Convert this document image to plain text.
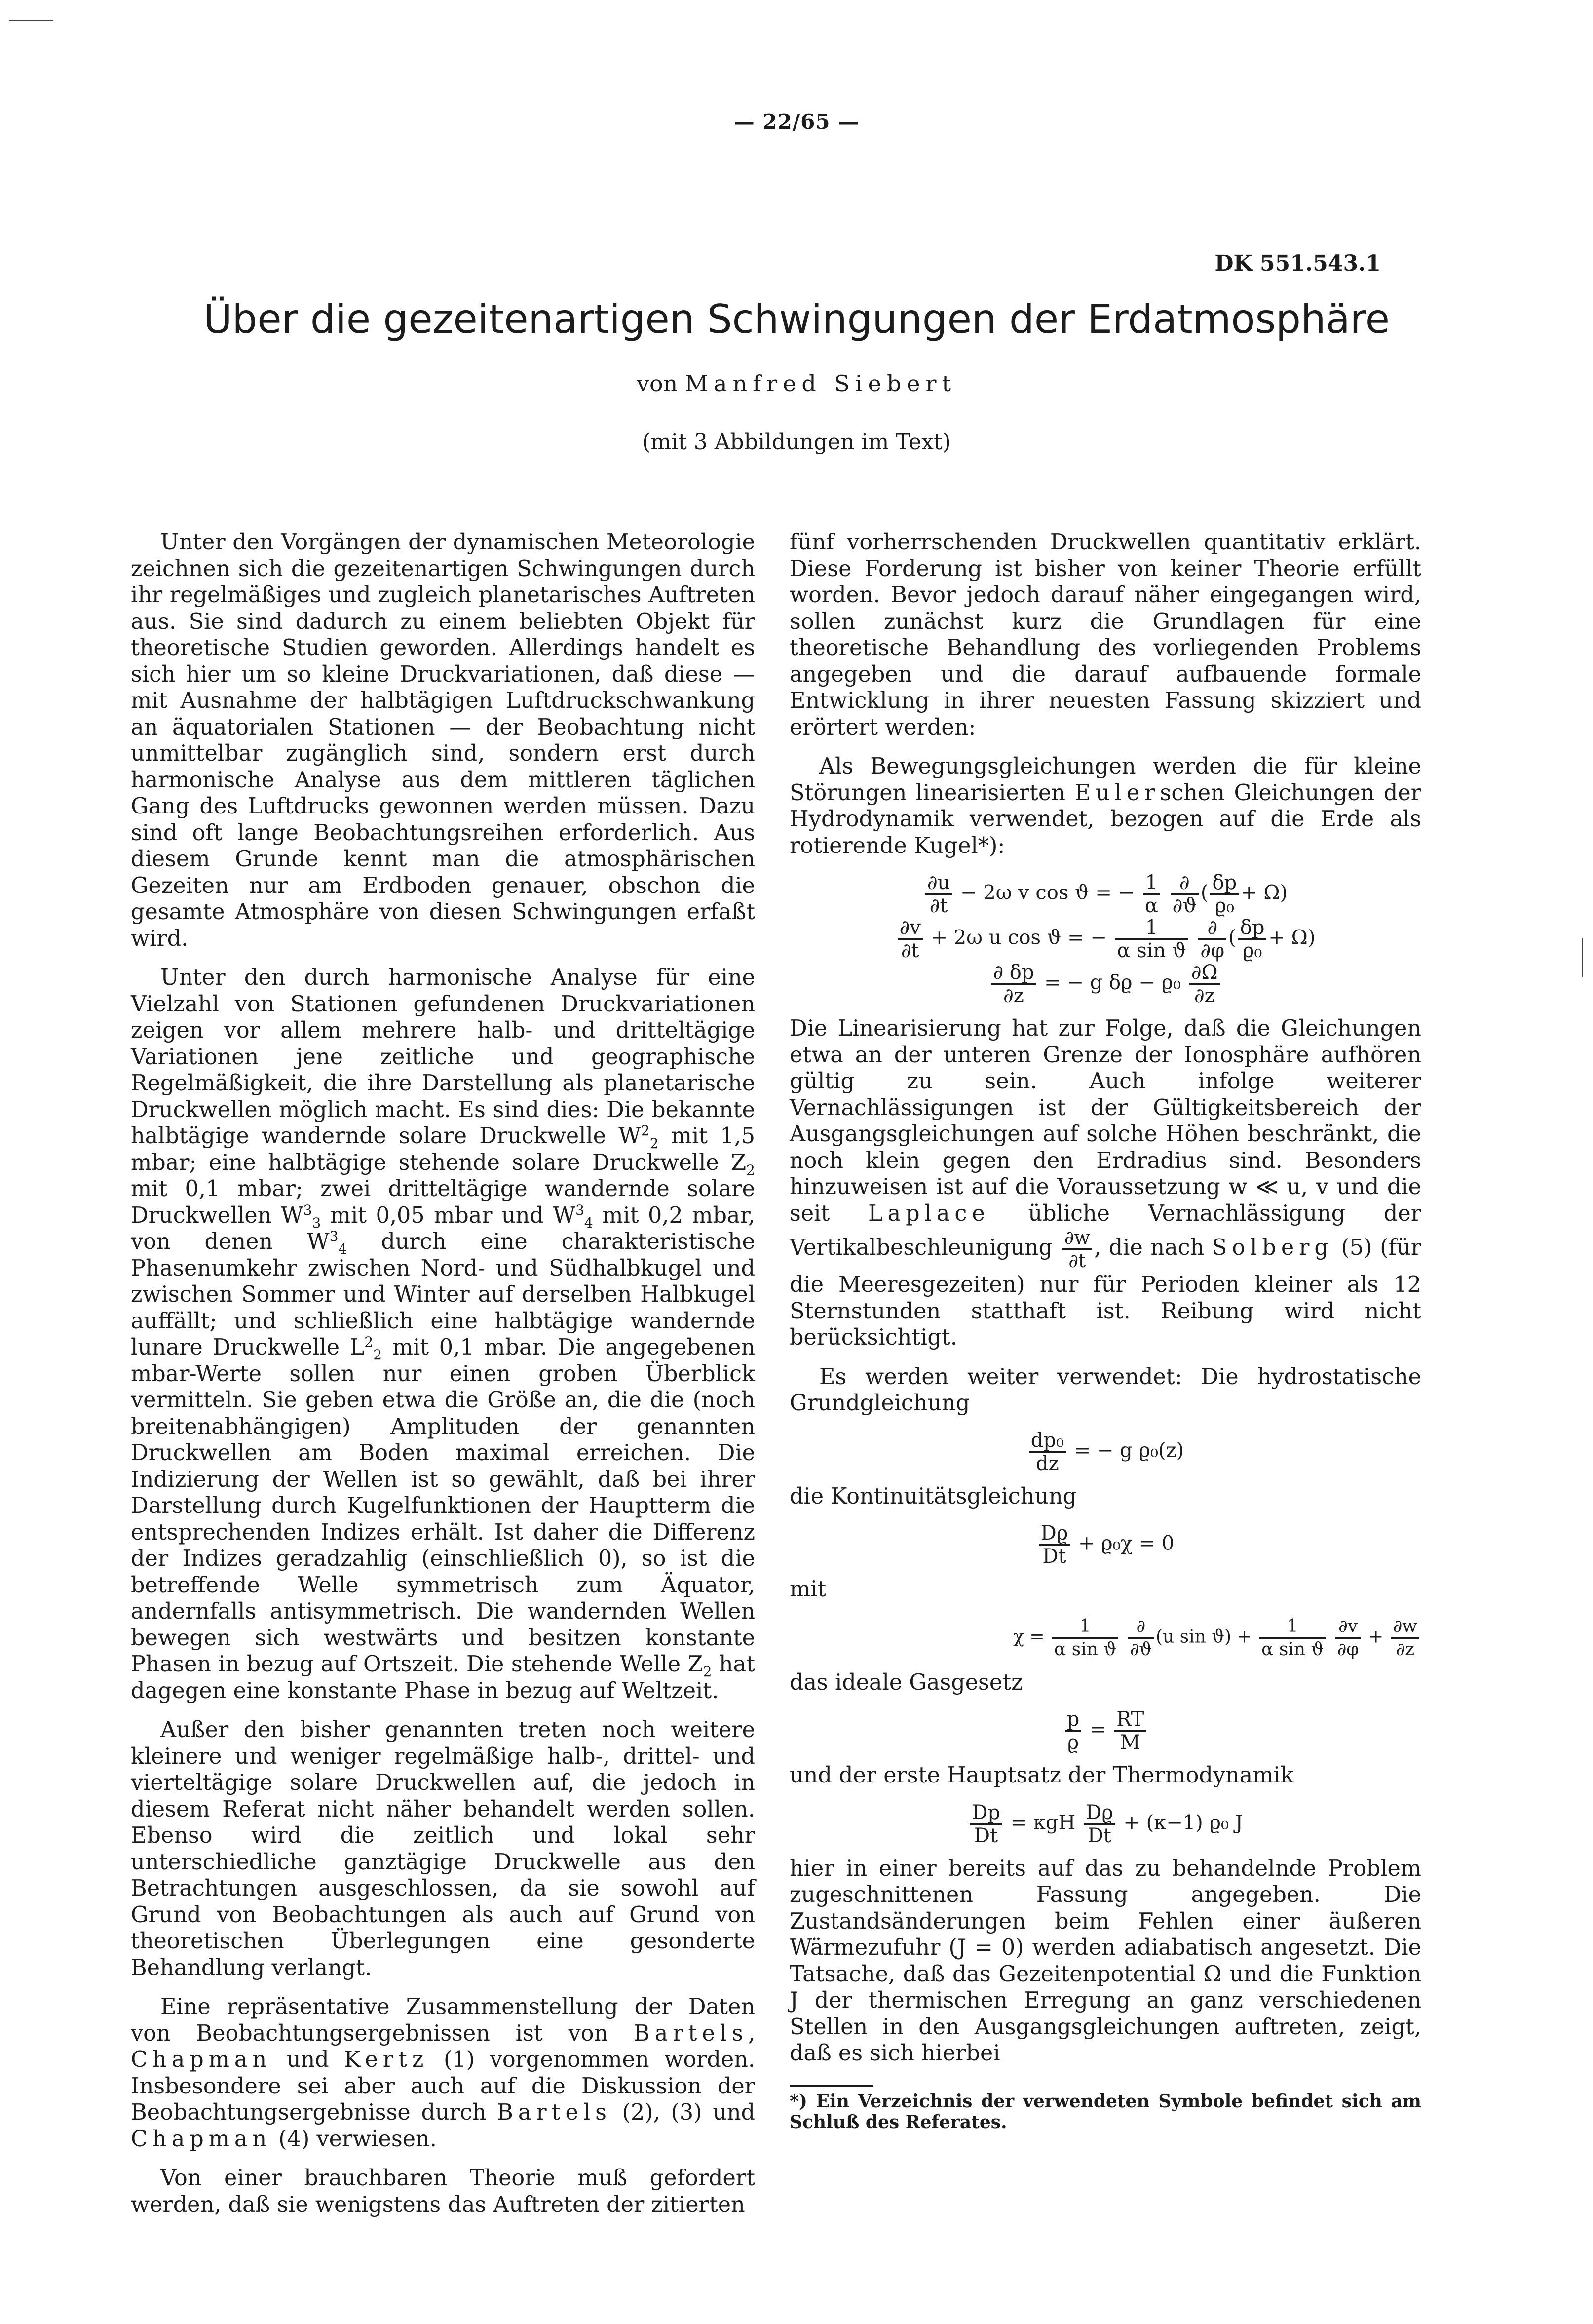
— 22/65 —
DK 551.543.1
Über die gezeitenartigen Schwingungen der Erdatmosphäre
von Manfred Siebert
(mit 3 Abbildungen im Text)

Unter den Vorgängen der dynamischen Meteorologie zeichnen sich die gezeitenartigen Schwingungen durch ihr regelmäßiges und zugleich planetarisches Auftreten aus. Sie sind dadurch zu einem beliebten Objekt für theoretische Studien geworden. Allerdings handelt es sich hier um so kleine Druckvariationen, daß diese — mit Ausnahme der halbtägigen Luftdruckschwankung an äquatorialen Stationen — der Beobachtung nicht unmittelbar zugänglich sind, sondern erst durch harmonische Analyse aus dem mittleren täglichen Gang des Luftdrucks gewonnen werden müssen. Dazu sind oft lange Beobachtungsreihen erforderlich. Aus diesem Grunde kennt man die atmosphärischen Gezeiten nur am Erdboden genauer, obschon die gesamte Atmosphäre von diesen Schwingungen erfaßt wird.

Unter den durch harmonische Analyse für eine Vielzahl von Stationen gefundenen Druckvariationen zeigen vor allem mehrere halb- und dritteltägige Variationen jene zeitliche und geographische Regelmäßigkeit, die ihre Darstellung als planetarische Druckwellen möglich macht. Es sind dies: Die bekannte halbtägige wandernde solare Druckwelle $W^2_2$ mit 1,5 mbar; eine halbtägige stehende solare Druckwelle $Z_2$ mit 0,1 mbar; zwei dritteltägige wandernde solare Druckwellen $W^3_3$ mit 0,05 mbar und $W^3_4$ mit 0,2 mbar, von denen $W^3_4$ durch eine charakteristische Phasenumkehr zwischen Nord- und Südhalbkugel und zwischen Sommer und Winter auf derselben Halbkugel auffällt; und schließlich eine halbtägige wandernde lunare Druckwelle $L^2_2$ mit 0,1 mbar. Die angegebenen mbar-Werte sollen nur einen groben Überblick vermitteln. Sie geben etwa die Größe an, die die (noch breitenabhängigen) Amplituden der genannten Druckwellen am Boden maximal erreichen. Die Indizierung der Wellen ist so gewählt, daß bei ihrer Darstellung durch Kugelfunktionen der Hauptterm die entsprechenden Indizes erhält. Ist daher die Differenz der Indizes geradzahlig (einschließlich 0), so ist die betreffende Welle symmetrisch zum Äquator, andernfalls antisymmetrisch. Die wandernden Wellen bewegen sich westwärts und besitzen konstante Phasen in bezug auf Ortszeit. Die stehende Welle $Z_2$ hat dagegen eine konstante Phase in bezug auf Weltzeit.

Außer den bisher genannten treten noch weitere kleinere und weniger regelmäßige halb-, drittel- und vierteltägige solare Druckwellen auf, die jedoch in diesem Referat nicht näher behandelt werden sollen. Ebenso wird die zeitlich und lokal sehr unterschiedliche ganztägige Druckwelle aus den Betrachtungen ausgeschlossen, da sie sowohl auf Grund von Beobachtungen als auch auf Grund von theoretischen Überlegungen eine gesonderte Behandlung verlangt.

Eine repräsentative Zusammenstellung der Daten von Beobachtungsergebnissen ist von Bartels, Chapman und Kertz (1) vorgenommen worden. Insbesondere sei aber auch auf die Diskussion der Beobachtungsergebnisse durch Bartels (2), (3) und Chapman (4) verwiesen.

Von einer brauchbaren Theorie muß gefordert werden, daß sie wenigstens das Auftreten der zitierten

fünf vorherrschenden Druckwellen quantitativ erklärt. Diese Forderung ist bisher von keiner Theorie erfüllt worden. Bevor jedoch darauf näher eingegangen wird, sollen zunächst kurz die Grundlagen für eine theoretische Behandlung des vorliegenden Problems angegeben und die darauf aufbauende formale Entwicklung in ihrer neuesten Fassung skizziert und erörtert werden:

Als Bewegungsgleichungen werden die für kleine Störungen linearisierten Eulerschen Gleichungen der Hydrodynamik verwendet, bezogen auf die Erde als rotierende Kugel*):

$\frac{\partial u}{\partial t} - 2\omega$ v cos ϑ = − $\frac{1}{\alpha}$
$\frac{\partial}{\partial ϑ}$ ( $\frac{\delta p}{\text{ϱ₀}} + \Omega$)
$\frac{\partial v}{\partial t} + 2\omega$ u cos ϑ = − $\frac{1}{\text{α sin ϑ}}$
$\frac{\partial}{\partial\varphi}$ ( $\frac{\delta p}{\text{ϱ₀}} + \Omega$)
$\frac{\partial \delta p}{\partial z}$ = − g $\delta ϱ - ϱ_0 \frac{\partial\Omega}{\partial z}$

Die Linearisierung hat zur Folge, daß die Gleichungen etwa an der unteren Grenze der Ionosphäre aufhören gültig zu sein. Auch infolge weiterer Vernachlässigungen ist der Gültigkeitsbereich der Ausgangsgleichungen auf solche Höhen beschränkt, die noch klein gegen den Erdradius sind. Besonders hinzuweisen ist auf die Voraussetzung w ≪ u, v und die seit Laplace übliche Vernachlässigung der Vertikalbeschleunigung $\frac{\partial w}{\partial t}$ , die nach Solberg (5) (für die Meeresgezeiten) nur für Perioden kleiner als 12 Sternstunden statthaft ist. Reibung wird nicht berücksichtigt.

Es werden weiter verwendet: Die hydrostatische Grundgleichung

$\frac{\text{dp₀}}{dz}$ = − g ϱ₀(z)

die Kontinuitätsgleichung

$\frac{Dϱ}{Dt} + ϱ_0\chi = 0$

mit

$\chi = \frac{1}{\text{α sin ϑ}}$
$\frac{\partial}{\partial ϑ} (u$ $\sin ϑ) + \frac{1}{\text{α sin ϑ}}$
$\frac{\partial v}{\partial\varphi} + \frac{\partial w}{\partial z}$

das ideale Gasgesetz

$\frac{p}{ϱ} = \frac{RT}{M}$

und der erste Hauptsatz der Thermodynamik

$\frac{Dp}{Dt} = \kappa gH \frac{Dϱ}{Dt} + (\kappa-1)$ ϱ₀ J

hier in einer bereits auf das zu behandelnde Problem zugeschnittenen Fassung angegeben. Die Zustandsänderungen beim Fehlen einer äußeren Wärmezufuhr (J = 0) werden adiabatisch angesetzt. Die Tatsache, daß das Gezeitenpotential Ω und die Funktion J der thermischen Erregung an ganz verschiedenen Stellen in den Ausgangsgleichungen auftreten, zeigt, daß es sich hierbei

*) Ein Verzeichnis der verwendeten Symbole befindet sich am Schluß des Referates.
